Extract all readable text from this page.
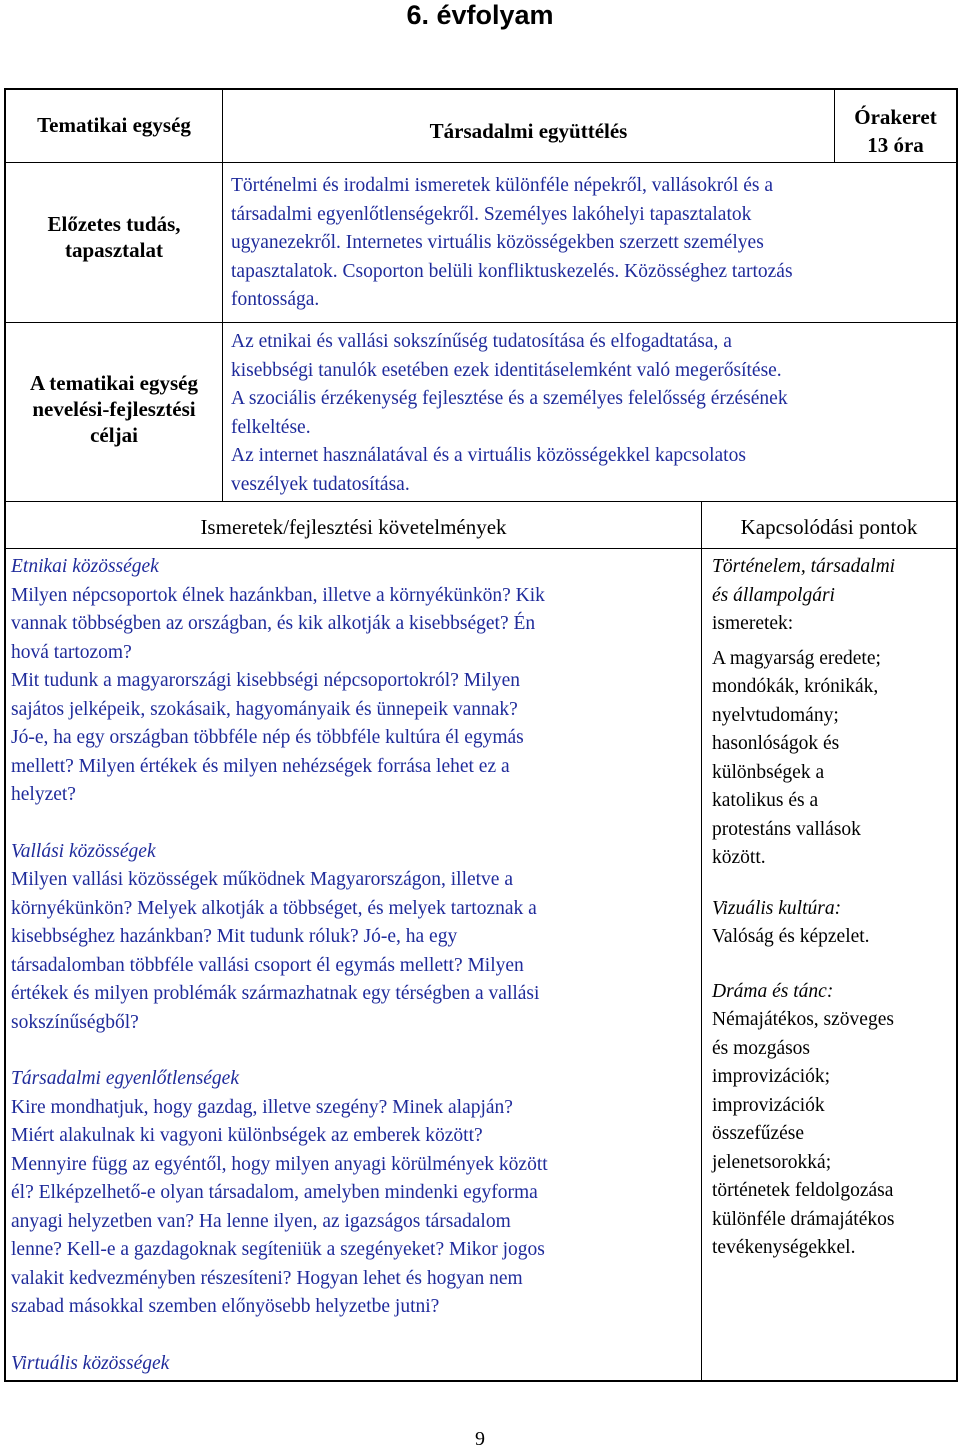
6. évfolyam
Tematikai egység	Társadalmi együttélés
Órakeret
13 óra
Előzetes tudás,
tapasztalat
Történelmi és irodalmi ismeretek különféle népekről, vallásokról és a
társadalmi egyenlőtlenségekről. Személyes lakóhelyi tapasztalatok
ugyanezekről. Internetes virtuális közösségekben szerzett személyes
tapasztalatok. Csoporton belüli konfliktuskezelés. Közösséghez tartozás
fontossága.
A tematikai egység
nevelési-fejlesztési
céljai
Az etnikai és vallási sokszínűség tudatosítása és elfogadtatása, a
kisebbségi tanulók esetében ezek identitáselemként való megerősítése.
A szociális érzékenység fejlesztése és a személyes felelősség érzésének
felkeltése.
Az internet használatával és a virtuális közösségekkel kapcsolatos
veszélyek tudatosítása.
Ismeretek/fejlesztési követelmények	Kapcsolódási pontok
Etnikai közösségek
Milyen népcsoportok élnek hazánkban, illetve a környékünkön? Kik
vannak többségben az országban, és kik alkotják a kisebbséget? Én
hová tartozom?
Mit tudunk a magyarországi kisebbségi népcsoportokról? Milyen
sajátos jelképeik, szokásaik, hagyományaik és ünnepeik vannak?
Jó-e, ha egy országban többféle nép és többféle kultúra él egymás
mellett? Milyen értékek és milyen nehézségek forrása lehet ez a
helyzet?
Vallási közösségek
Milyen vallási közösségek működnek Magyarországon, illetve a
környékünkön? Melyek alkotják a többséget, és melyek tartoznak a
kisebbséghez hazánkban? Mit tudunk róluk? Jó-e, ha egy
társadalomban többféle vallási csoport él egymás mellett? Milyen
értékek és milyen problémák származhatnak egy térségben a vallási
sokszínűségből?
Társadalmi egyenlőtlenségek
Kire mondhatjuk, hogy gazdag, illetve szegény? Minek alapján?
Miért alakulnak ki vagyoni különbségek az emberek között?
Mennyire függ az egyéntől, hogy milyen anyagi körülmények között
él? Elképzelhető-e olyan társadalom, amelyben mindenki egyforma
anyagi helyzetben van? Ha lenne ilyen, az igazságos társadalom
lenne? Kell-e a gazdagoknak segíteniük a szegényeket? Mikor jogos
valakit kedvezményben részesíteni? Hogyan lehet és hogyan nem
szabad másokkal szemben előnyösebb helyzetbe jutni?
Virtuális közösségek
Történelem, társadalmi
és állampolgári
ismeretek:
A magyarság eredete;
mondókák, krónikák,
nyelvtudomány;
hasonlóságok és
különbségek a
katolikus és a
protestáns vallások
között.
Vizuális kultúra:
Valóság és képzelet.
Dráma és tánc:
Némajátékos, szöveges
és mozgásos
improvizációk;
improvizációk
összefűzése
jelenetsorokká;
történetek feldolgozása
különféle drámajátékos
tevékenységekkel.
9
